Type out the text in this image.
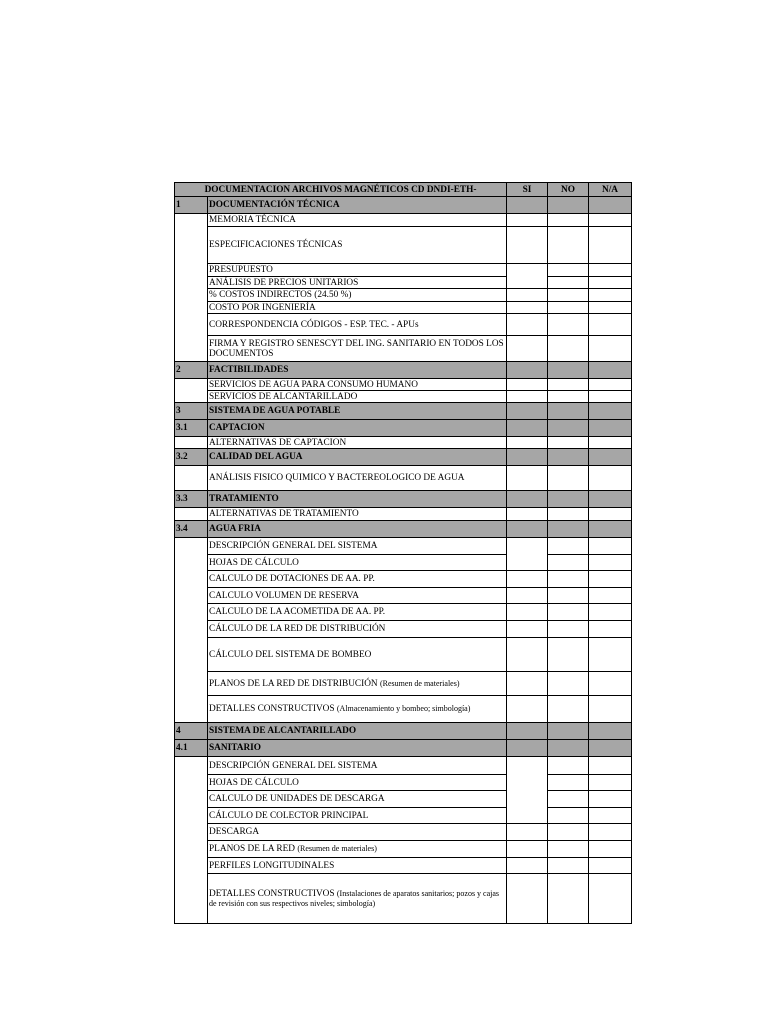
DOCUMENTACION ARCHIVOS MAGNÉTICOS CD DNDI-ETH-		SI	NO	N/A
1	DOCUMENTACIÓN TÉCNICA			
	MEMORIA TÉCNICA			
	ESPECIFICACIONES TÉCNICAS			
	PRESUPUESTO			
	ANÁLISIS DE PRECIOS UNITARIOS			
	% COSTOS INDIRECTOS (24.50 %)			
	COSTO POR INGENIERÍA			
	CORRESPONDENCIA CÓDIGOS - ESP. TEC. - APUs			
	FIRMA Y REGISTRO SENESCYT DEL ING. SANITARIO EN TODOS LOS DOCUMENTOS			
2	FACTIBILIDADES			
	SERVICIOS DE AGUA PARA CONSUMO HUMANO			
	SERVICIOS DE ALCANTARILLADO			
3	SISTEMA DE AGUA POTABLE			
3.1	CAPTACION			
	ALTERNATIVAS DE CAPTACION			
3.2	CALIDAD DEL AGUA			
	ANÁLISIS FISICO QUIMICO Y BACTEREOLOGICO DE AGUA			
3.3	TRATAMIENTO			
	ALTERNATIVAS DE TRATAMIENTO			
3.4	AGUA FRIA			
	DESCRIPCIÓN GENERAL DEL SISTEMA			
	HOJAS DE CÁLCULO			
	CALCULO DE DOTACIONES DE AA. PP.			
	CALCULO VOLUMEN DE RESERVA			
	CALCULO DE LA ACOMETIDA DE AA. PP.			
	CÁLCULO DE LA RED DE DISTRIBUCIÓN			
	CÁLCULO DEL SISTEMA DE BOMBEO			
	PLANOS DE LA RED DE DISTRIBUCIÓN (Resumen de materiales)			
	DETALLES CONSTRUCTIVOS (Almacenamiento y bombeo; simbología)			
4	SISTEMA DE ALCANTARILLADO			
4.1	SANITARIO			
	DESCRIPCIÓN GENERAL DEL SISTEMA			
	HOJAS DE CÁLCULO			
	CALCULO DE UNIDADES DE DESCARGA			
	CÁLCULO DE COLECTOR PRINCIPAL			
	DESCARGA			
	PLANOS DE LA RED (Resumen de materiales)			
	PERFILES LONGITUDINALES			
	DETALLES CONSTRUCTIVOS (Instalaciones de aparatos sanitarios; pozos y cajas de revisión con sus respectivos niveles; simbología)			
